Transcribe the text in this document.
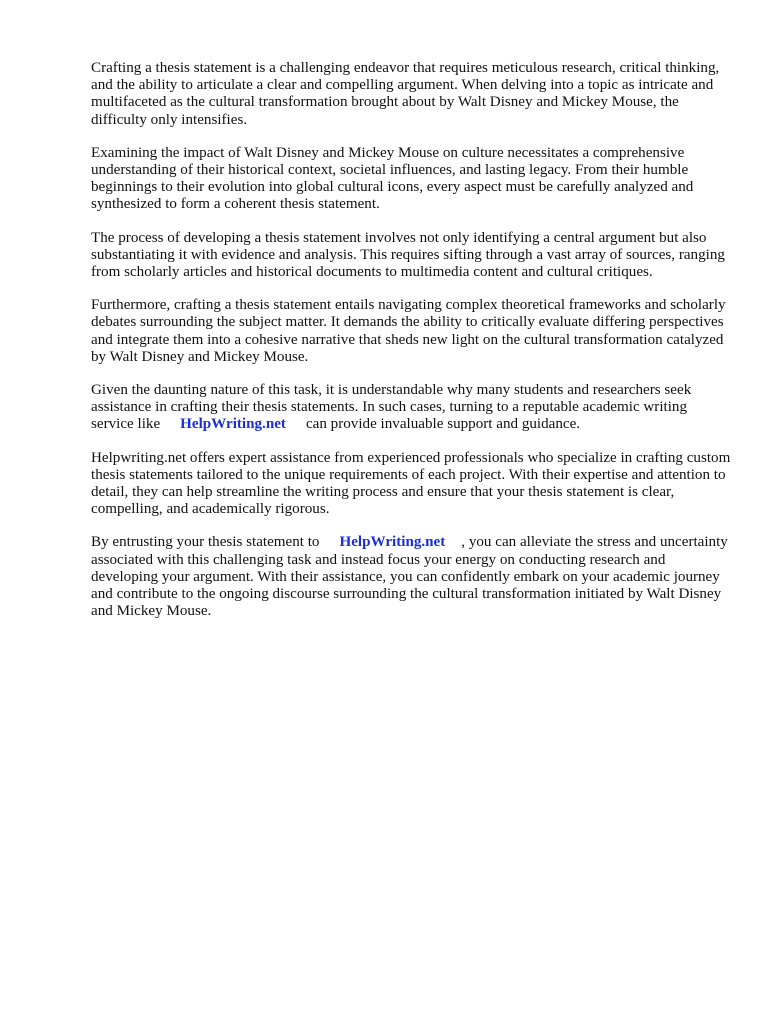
Crafting a thesis statement is a challenging endeavor that requires meticulous research, critical thinking, and the ability to articulate a clear and compelling argument. When delving into a topic as intricate and multifaceted as the cultural transformation brought about by Walt Disney and Mickey Mouse, the difficulty only intensifies.

Examining the impact of Walt Disney and Mickey Mouse on culture necessitates a comprehensive understanding of their historical context, societal influences, and lasting legacy. From their humble beginnings to their evolution into global cultural icons, every aspect must be carefully analyzed and synthesized to form a coherent thesis statement.

The process of developing a thesis statement involves not only identifying a central argument but also substantiating it with evidence and analysis. This requires sifting through a vast array of sources, ranging from scholarly articles and historical documents to multimedia content and cultural critiques.

Furthermore, crafting a thesis statement entails navigating complex theoretical frameworks and scholarly debates surrounding the subject matter. It demands the ability to critically evaluate differing perspectives and integrate them into a cohesive narrative that sheds new light on the cultural transformation catalyzed by Walt Disney and Mickey Mouse.

Given the daunting nature of this task, it is understandable why many students and researchers seek assistance in crafting their thesis statements. In such cases, turning to a reputable academic writing service like HelpWriting.net can provide invaluable support and guidance.

Helpwriting.net offers expert assistance from experienced professionals who specialize in crafting custom thesis statements tailored to the unique requirements of each project. With their expertise and attention to detail, they can help streamline the writing process and ensure that your thesis statement is clear, compelling, and academically rigorous.

By entrusting your thesis statement to HelpWriting.net , you can alleviate the stress and uncertainty associated with this challenging task and instead focus your energy on conducting research and developing your argument. With their assistance, you can confidently embark on your academic journey and contribute to the ongoing discourse surrounding the cultural transformation initiated by Walt Disney and Mickey Mouse.
